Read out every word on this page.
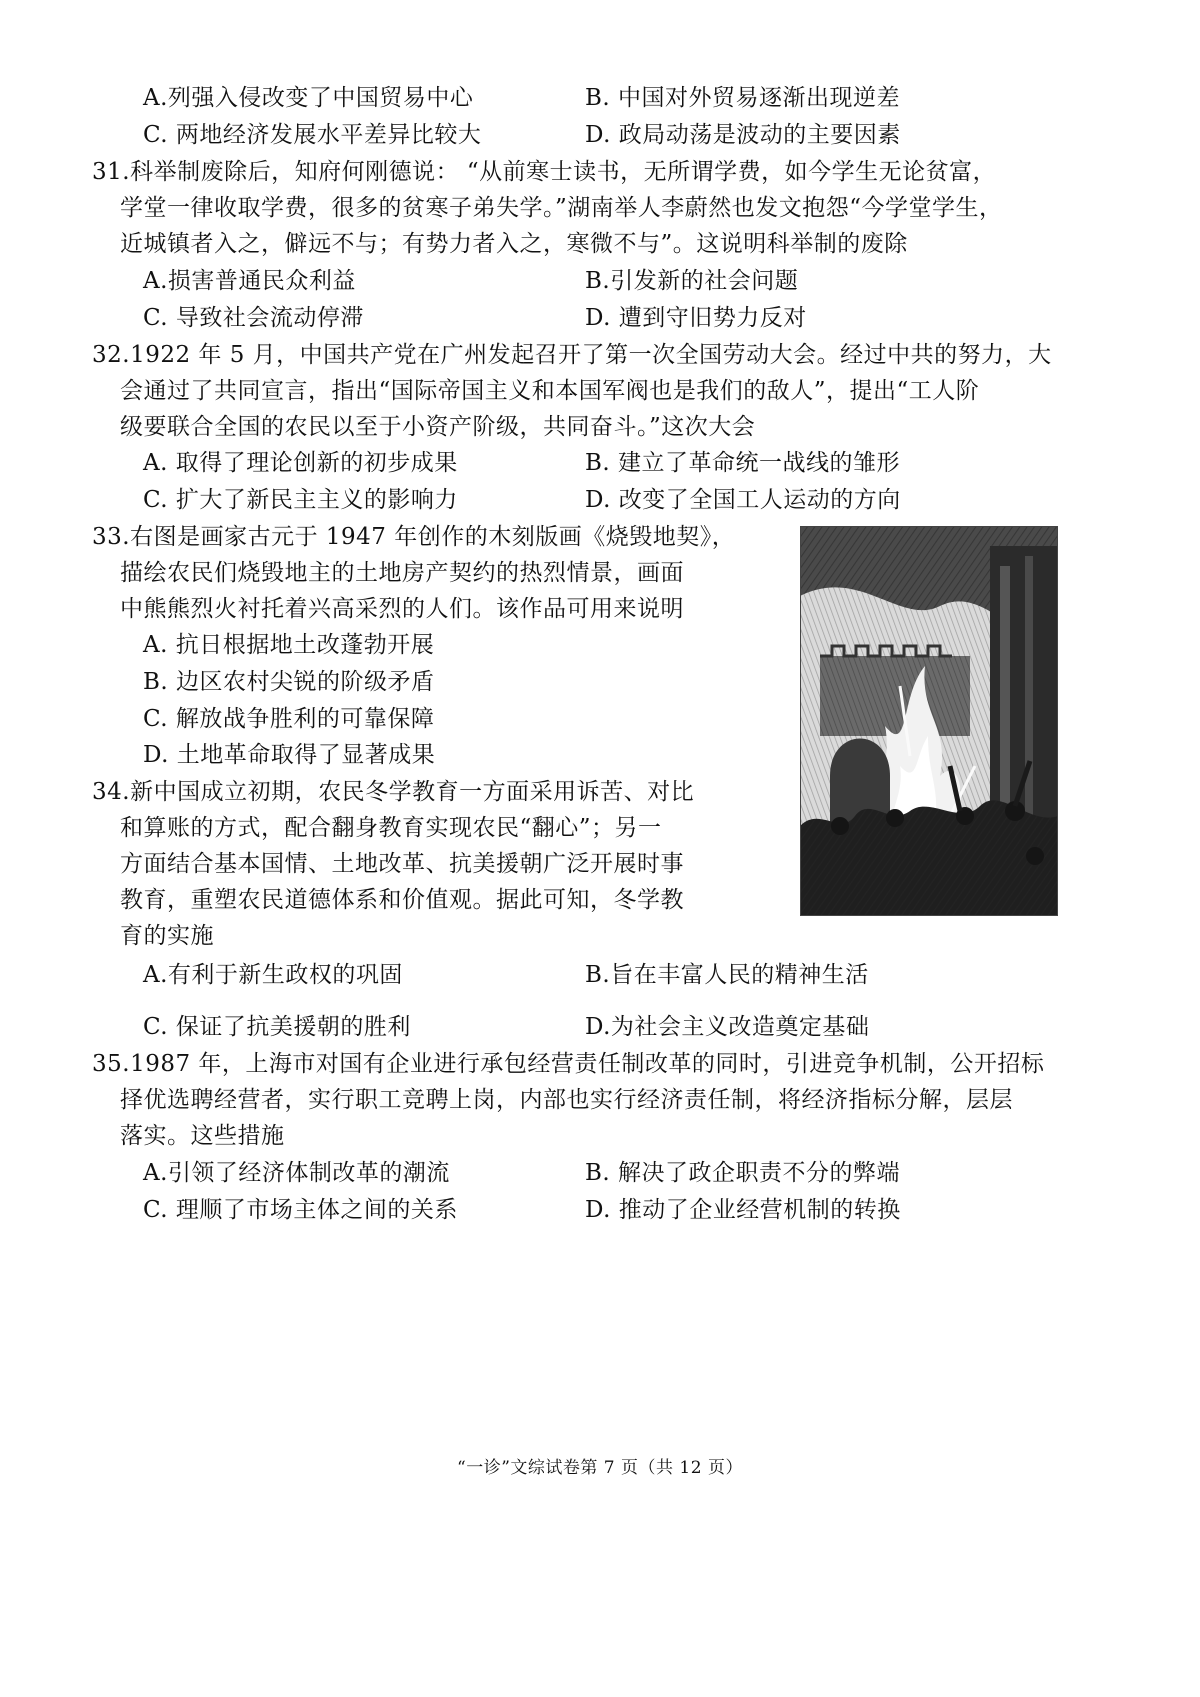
A.列强入侵改变了中国贸易中心	B. 中国对外贸易逐渐出现逆差
C. 两地经济发展水平差异比较大	D. 政局动荡是波动的主要因素
31.科举制废除后，知府何刚德说： “从前寒士读书，无所谓学费，如今学生无论贫富，
学堂一律收取学费，很多的贫寒子弟失学。”湖南举人李蔚然也发文抱怨“今学堂学生，
近城镇者入之，僻远不与；有势力者入之，寒微不与”。这说明科举制的废除
A.损害普通民众利益	B.引发新的社会问题
C. 导致社会流动停滞	D. 遭到守旧势力反对
32.1922 年 5 月，中国共产党在广州发起召开了第一次全国劳动大会。经过中共的努力，大
会通过了共同宣言，指出“国际帝国主义和本国军阀也是我们的敌人”，提出“工人阶
级要联合全国的农民以至于小资产阶级，共同奋斗。”这次大会
A. 取得了理论创新的初步成果	B. 建立了革命统一战线的雏形
C. 扩大了新民主主义的影响力	D. 改变了全国工人运动的方向
33.右图是画家古元于 1947 年创作的木刻版画《烧毁地契》，
描绘农民们烧毁地主的土地房产契约的热烈情景，画面
中熊熊烈火衬托着兴高采烈的人们。该作品可用来说明
A. 抗日根据地土改蓬勃开展
B. 边区农村尖锐的阶级矛盾
C. 解放战争胜利的可靠保障
D. 土地革命取得了显著成果
34.新中国成立初期，农民冬学教育一方面采用诉苦、对比
和算账的方式，配合翻身教育实现农民“翻心”；另一
方面结合基本国情、土地改革、抗美援朝广泛开展时事
教育，重塑农民道德体系和价值观。据此可知，冬学教
育的实施
A.有利于新生政权的巩固	B.旨在丰富人民的精神生活
C. 保证了抗美援朝的胜利	D.为社会主义改造奠定基础
35.1987 年，上海市对国有企业进行承包经营责任制改革的同时，引进竞争机制，公开招标
择优选聘经营者，实行职工竞聘上岗，内部也实行经济责任制，将经济指标分解，层层
落实。这些措施
A.引领了经济体制改革的潮流	B. 解决了政企职责不分的弊端
C. 理顺了市场主体之间的关系	D. 推动了企业经营机制的转换
“一诊”文综试卷第 7 页（共 12 页）
